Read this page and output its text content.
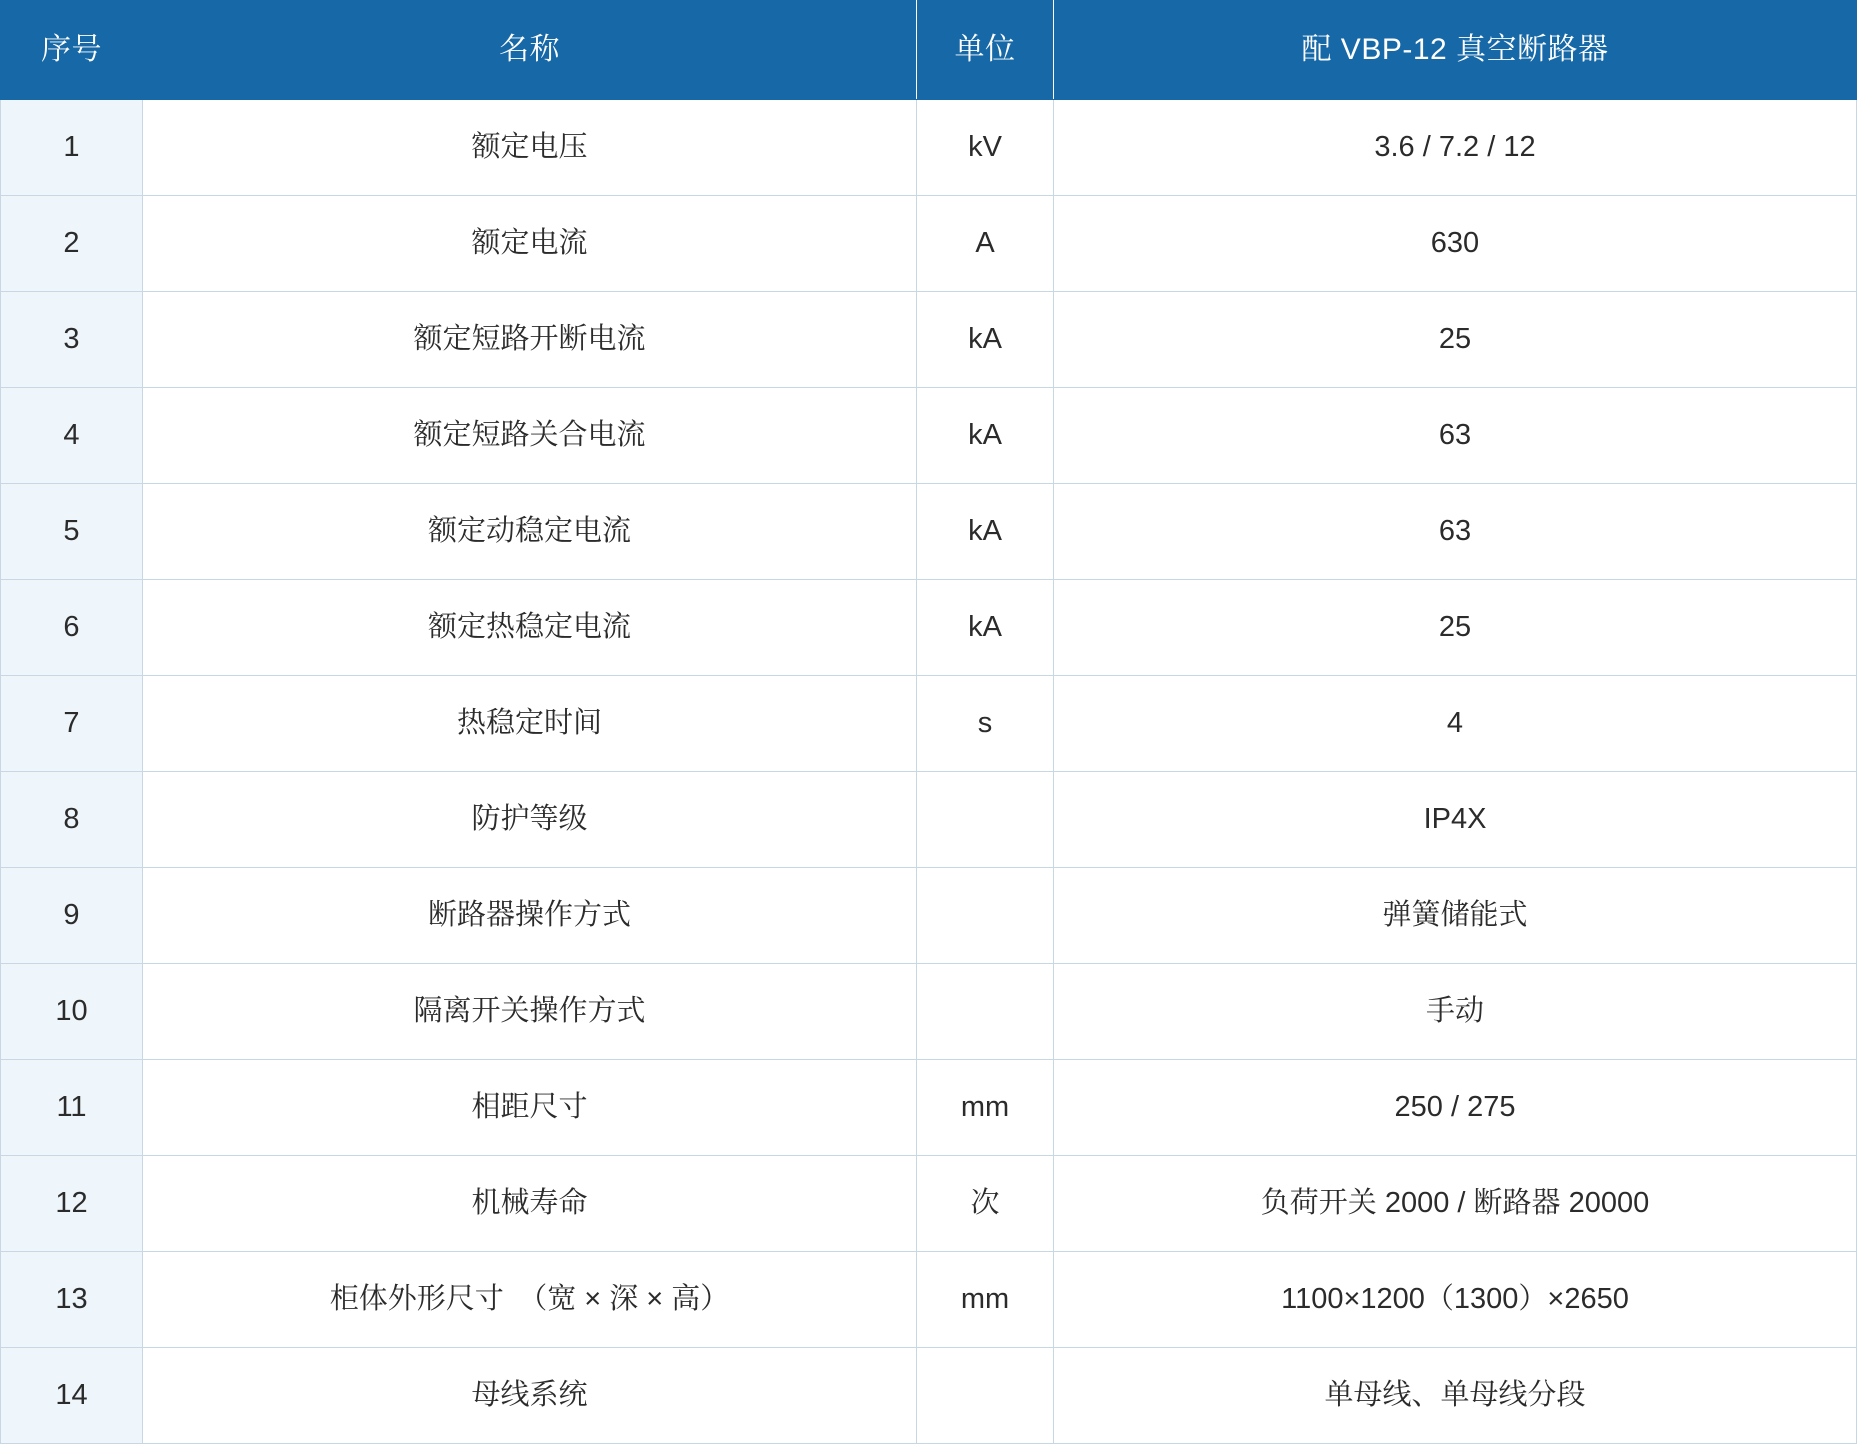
序号	名称	单位	配 VBP-12 真空断路器
1	额定电压	kV	3.6 / 7.2 / 12
2	额定电流	A	630
3	额定短路开断电流	kA	25
4	额定短路关合电流	kA	63
5	额定动稳定电流	kA	63
6	额定热稳定电流	kA	25
7	热稳定时间	s	4
8	防护等级		IP4X
9	断路器操作方式		弹簧储能式
10	隔离开关操作方式		手动
11	相距尺寸	mm	250 / 275
12	机械寿命	次	负荷开关 2000 / 断路器 20000
13	柜体外形尺寸　（宽 × 深 × 高）	mm	1100×1200（1300）×2650
14	母线系统		单母线、单母线分段
